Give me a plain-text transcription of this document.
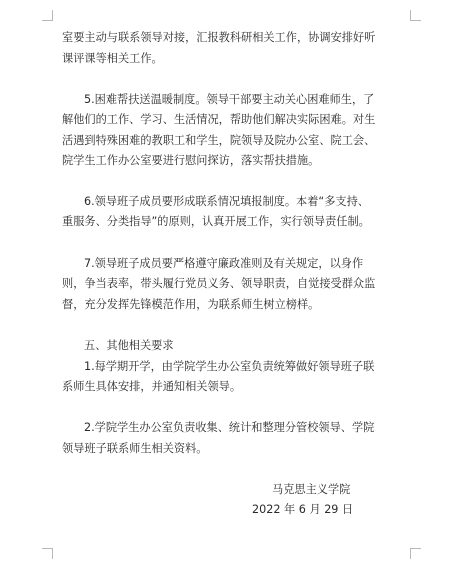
室要主动与联系领导对接，汇报教科研相关工作，协调安排好听
课评课等相关工作。
5.困难帮扶送温暖制度。领导干部要主动关心困难师生，了
解他们的工作、学习、生活情况，帮助他们解决实际困难。对生
活遇到特殊困难的教职工和学生，院领导及院办公室、院工会、
院学生工作办公室要进行慰问探访，落实帮扶措施。
6.领导班子成员要形成联系情况填报制度。本着“多支持、
重服务、分类指导”的原则，认真开展工作，实行领导责任制。
7.领导班子成员要严格遵守廉政准则及有关规定，以身作
则，争当表率，带头履行党员义务、领导职责，自觉接受群众监
督，充分发挥先锋模范作用，为联系师生树立榜样。
五、其他相关要求
1.每学期开学，由学院学生办公室负责统筹做好领导班子联
系师生具体安排，并通知相关领导。
2.学院学生办公室负责收集、统计和整理分管校领导、学院
领导班子联系师生相关资料。
马克思主义学院
2022 年 6 月 29 日
